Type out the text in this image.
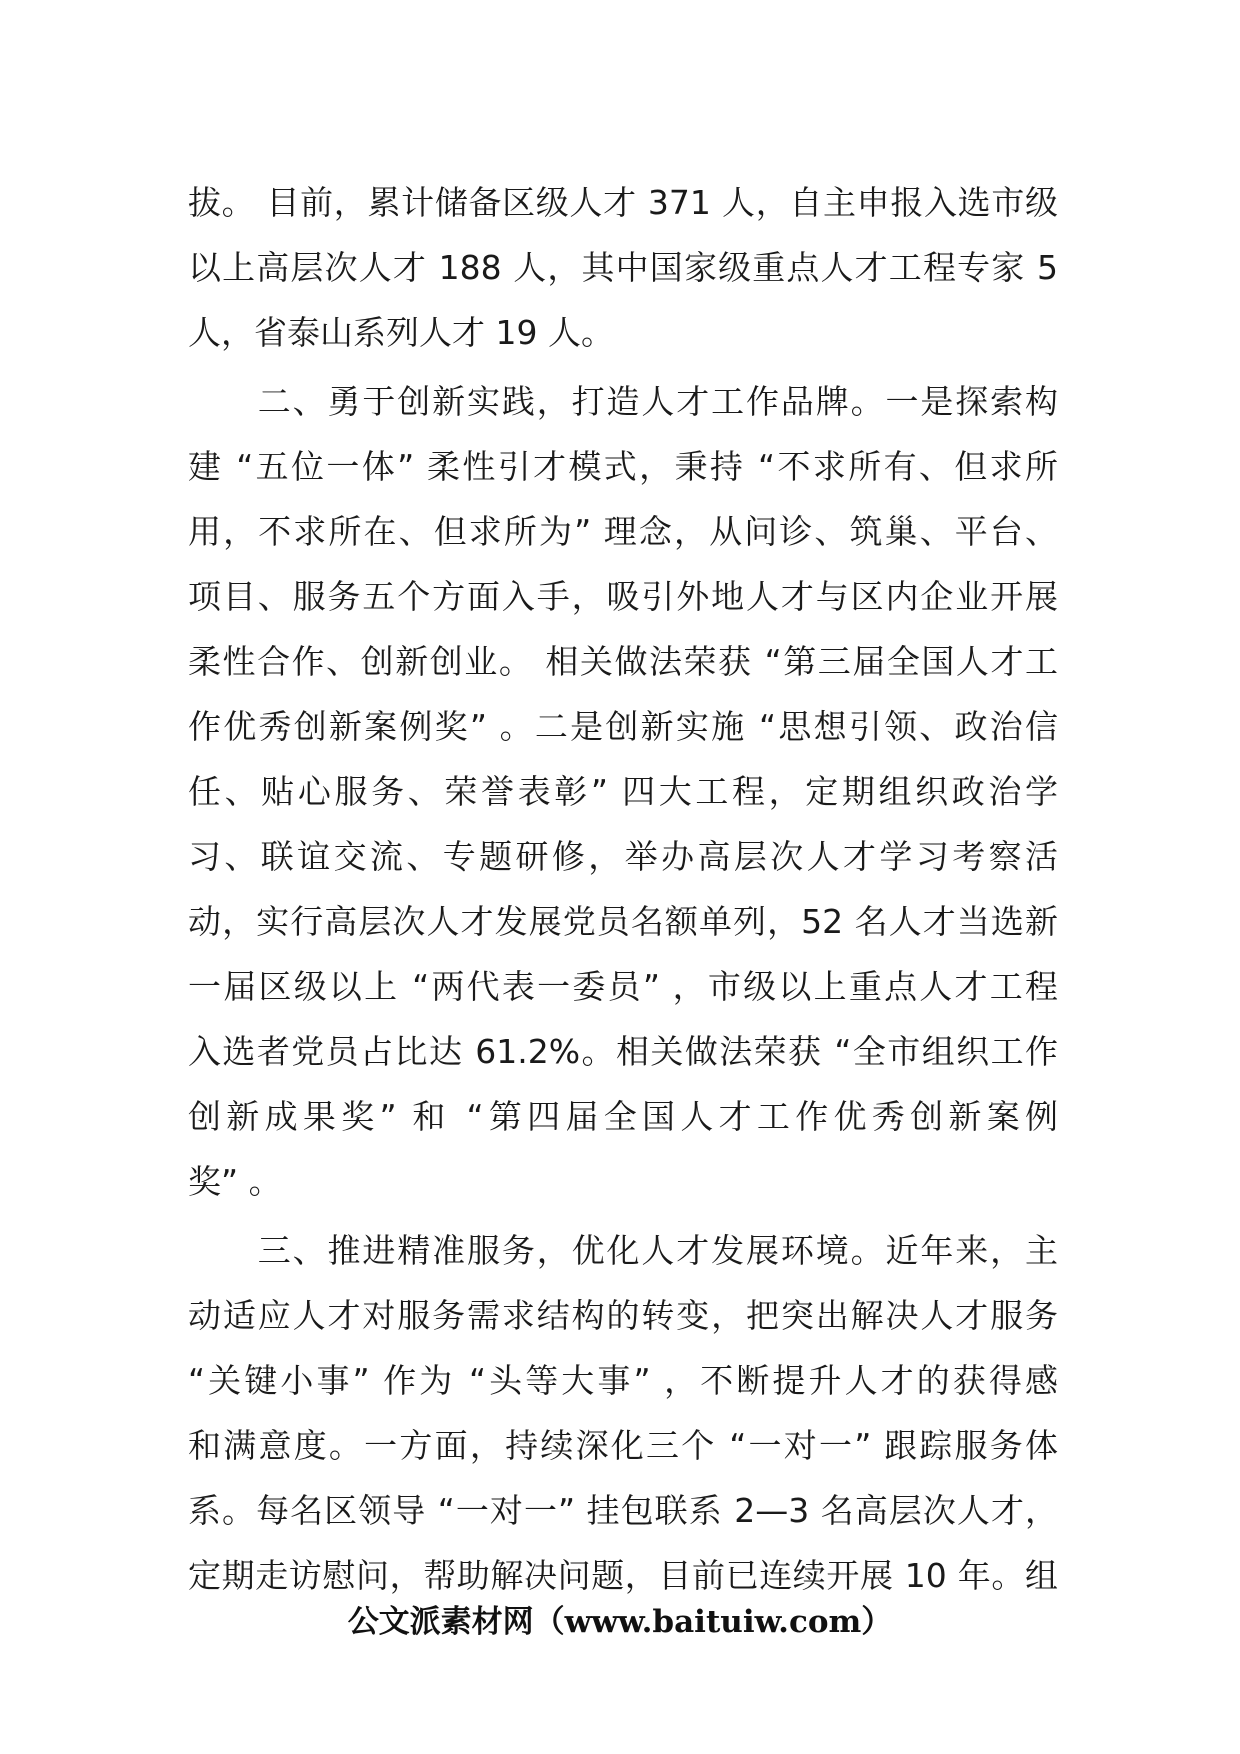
拔。 目前，累计储备区级人才 371 人，自主申报入选市级
以上高层次人才 188 人，其中国家级重点人才工程专家 5
人，省泰山系列人才 19 人。
　　二、勇于创新实践，打造人才工作品牌。一是探索构
建 “五位一体” 柔性引才模式，秉持 “不求所有、但求所
用，不求所在、但求所为” 理念，从问诊、筑巢、平台、
项目、服务五个方面入手，吸引外地人才与区内企业开展
柔性合作、创新创业。 相关做法荣获 “第三届全国人才工
作优秀创新案例奖” 。二是创新实施 “思想引领、政治信
任、贴心服务、荣誉表彰” 四大工程，定期组织政治学
习、联谊交流、专题研修，举办高层次人才学习考察活
动，实行高层次人才发展党员名额单列，52 名人才当选新
一届区级以上 “两代表一委员” ，市级以上重点人才工程
入选者党员占比达 61.2%。相关做法荣获 “全市组织工作
创新成果奖” 和 “第四届全国人才工作优秀创新案例
奖” 。
　　三、推进精准服务，优化人才发展环境。近年来，主
动适应人才对服务需求结构的转变，把突出解决人才服务
“关键小事” 作为 “头等大事” ，不断提升人才的获得感
和满意度。一方面，持续深化三个 “一对一” 跟踪服务体
系。每名区领导 “一对一” 挂包联系 2—3 名高层次人才，
定期走访慰问，帮助解决问题，目前已连续开展 10 年。组
公文派素材网（www.baituiw.com）
